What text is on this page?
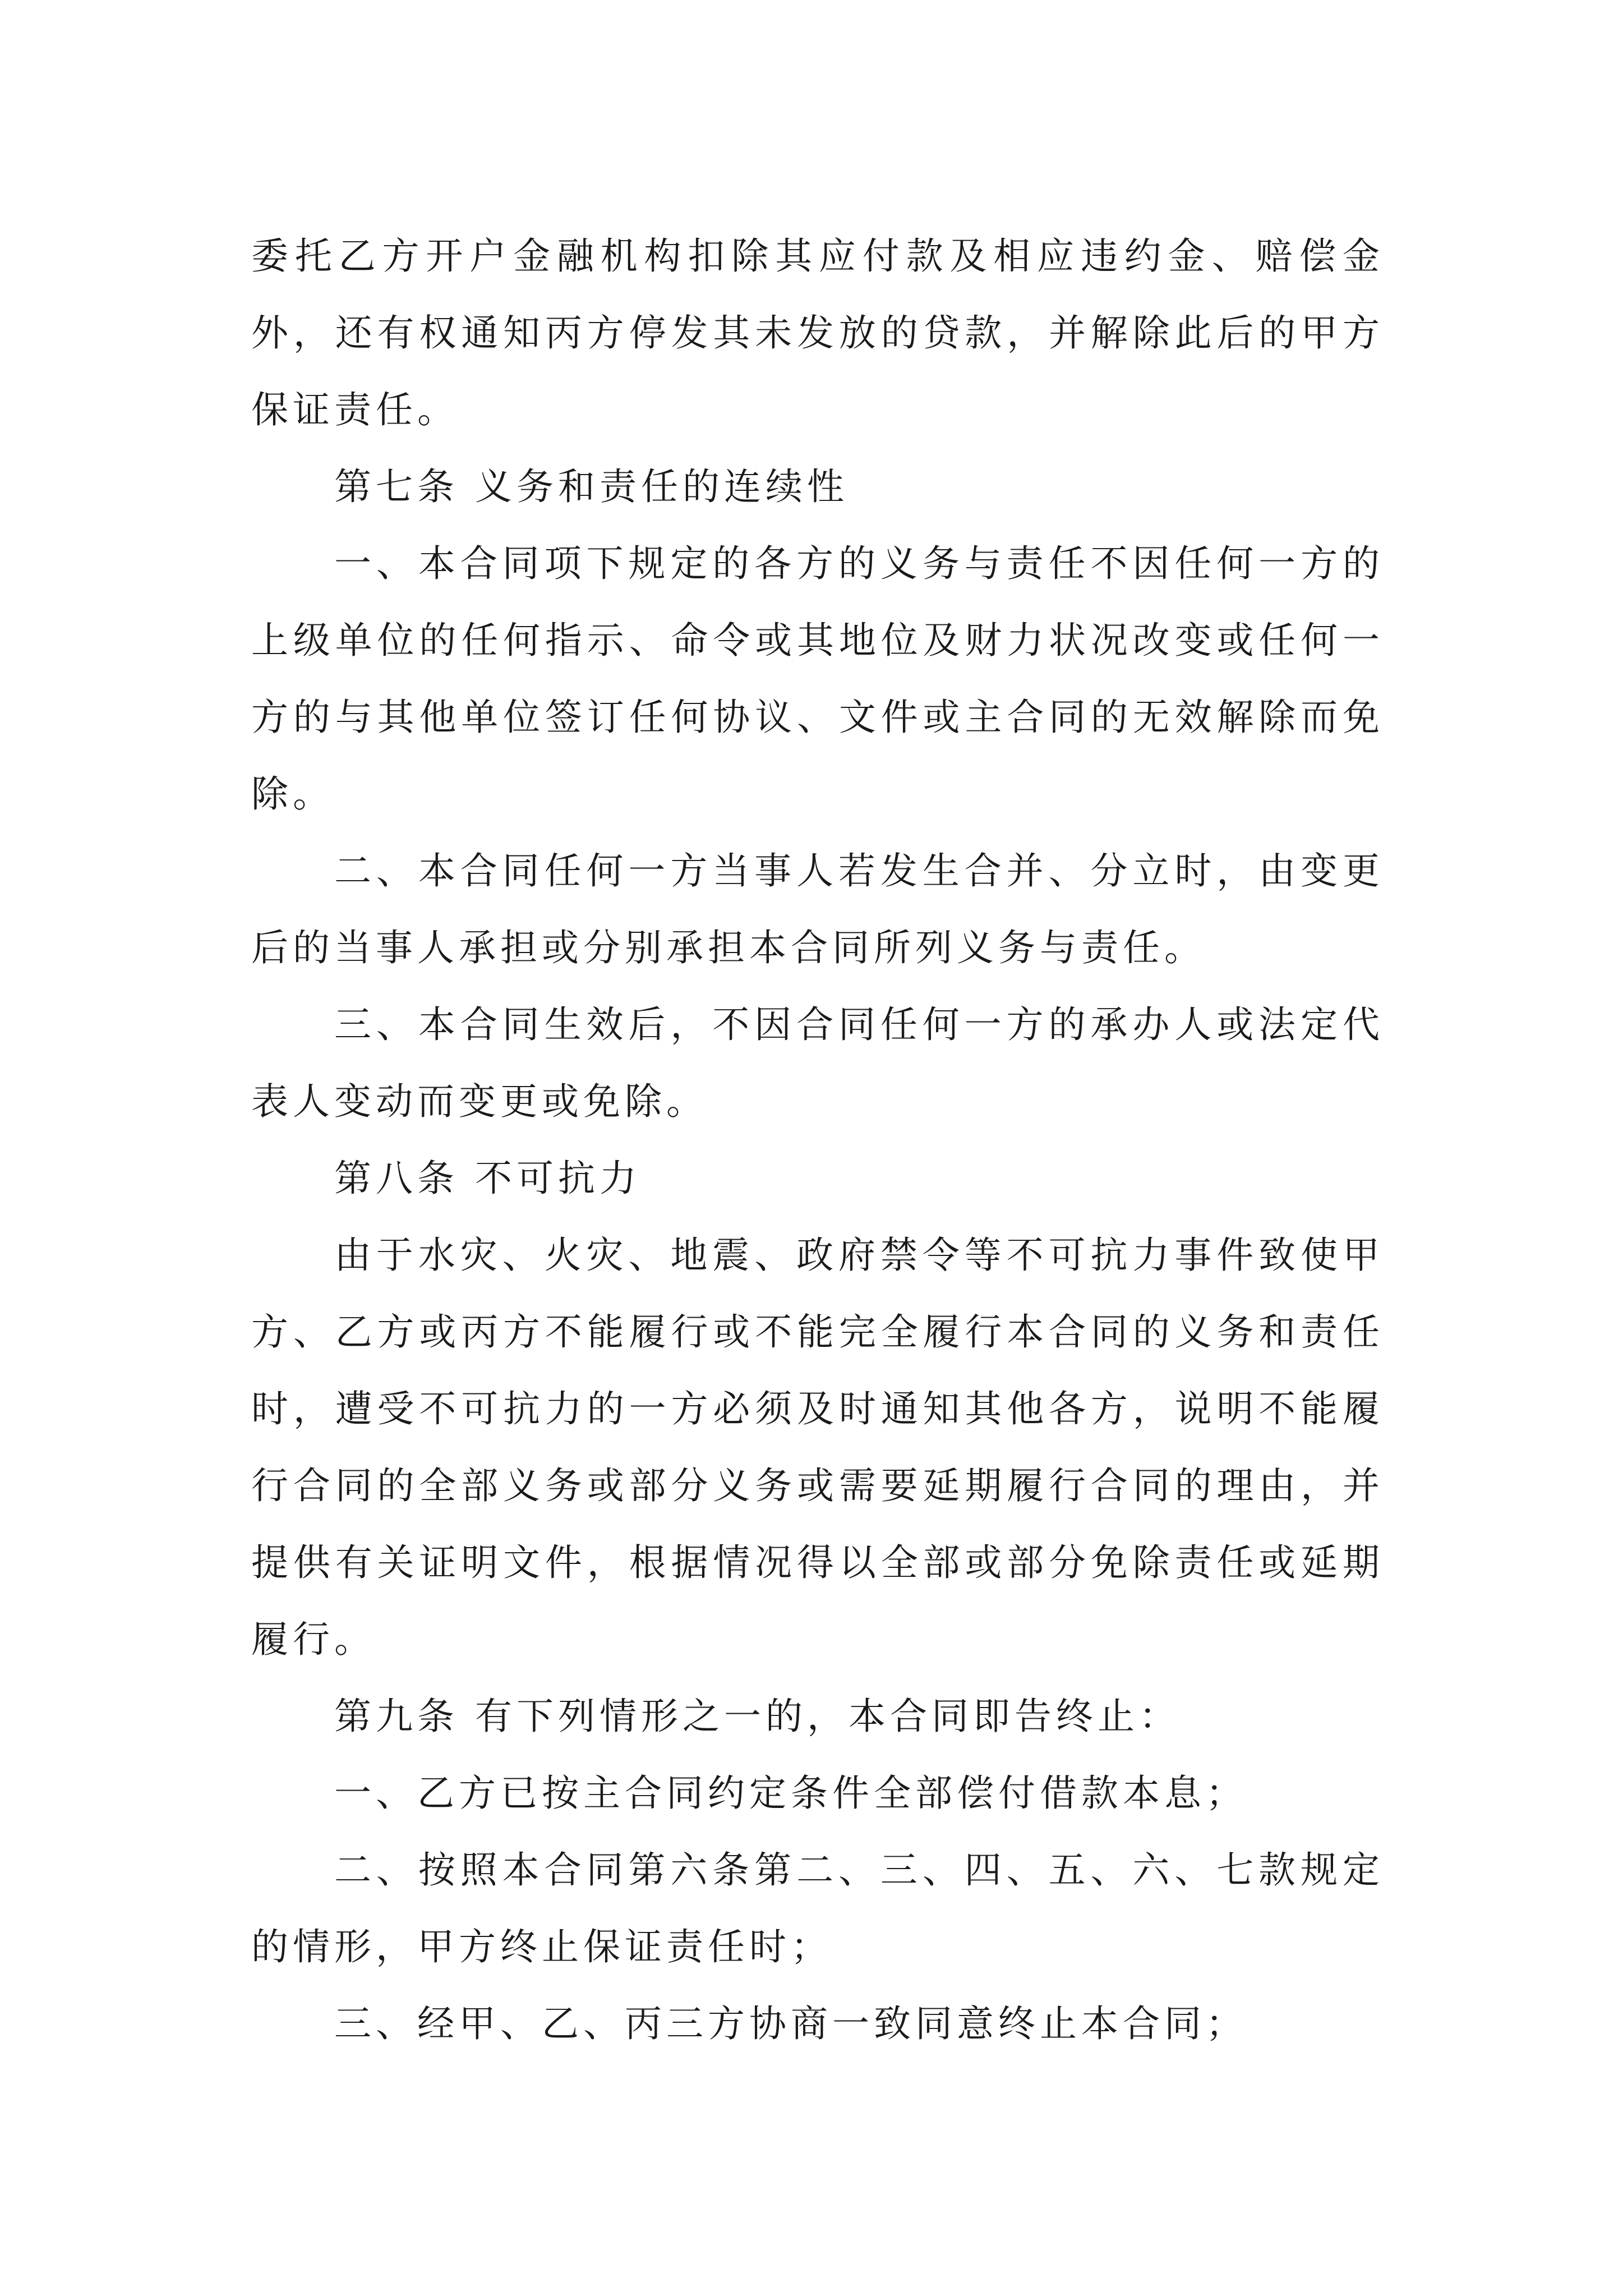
委托乙方开户金融机构扣除其应付款及相应违约金、赔偿金外，还有权通知丙方停发其未发放的贷款，并解除此后的甲方保证责任。

第七条 义务和责任的连续性

一、本合同项下规定的各方的义务与责任不因任何一方的上级单位的任何指示、命令或其地位及财力状况改变或任何一方的与其他单位签订任何协议、文件或主合同的无效解除而免除。

二、本合同任何一方当事人若发生合并、分立时，由变更后的当事人承担或分别承担本合同所列义务与责任。

三、本合同生效后，不因合同任何一方的承办人或法定代表人变动而变更或免除。

第八条 不可抗力

由于水灾、火灾、地震、政府禁令等不可抗力事件致使甲方、乙方或丙方不能履行或不能完全履行本合同的义务和责任时，遭受不可抗力的一方必须及时通知其他各方，说明不能履行合同的全部义务或部分义务或需要延期履行合同的理由，并提供有关证明文件，根据情况得以全部或部分免除责任或延期履行。

第九条 有下列情形之一的，本合同即告终止：

一、乙方已按主合同约定条件全部偿付借款本息；

二、按照本合同第六条第二、三、四、五、六、七款规定的情形，甲方终止保证责任时；

三、经甲、乙、丙三方协商一致同意终止本合同；
